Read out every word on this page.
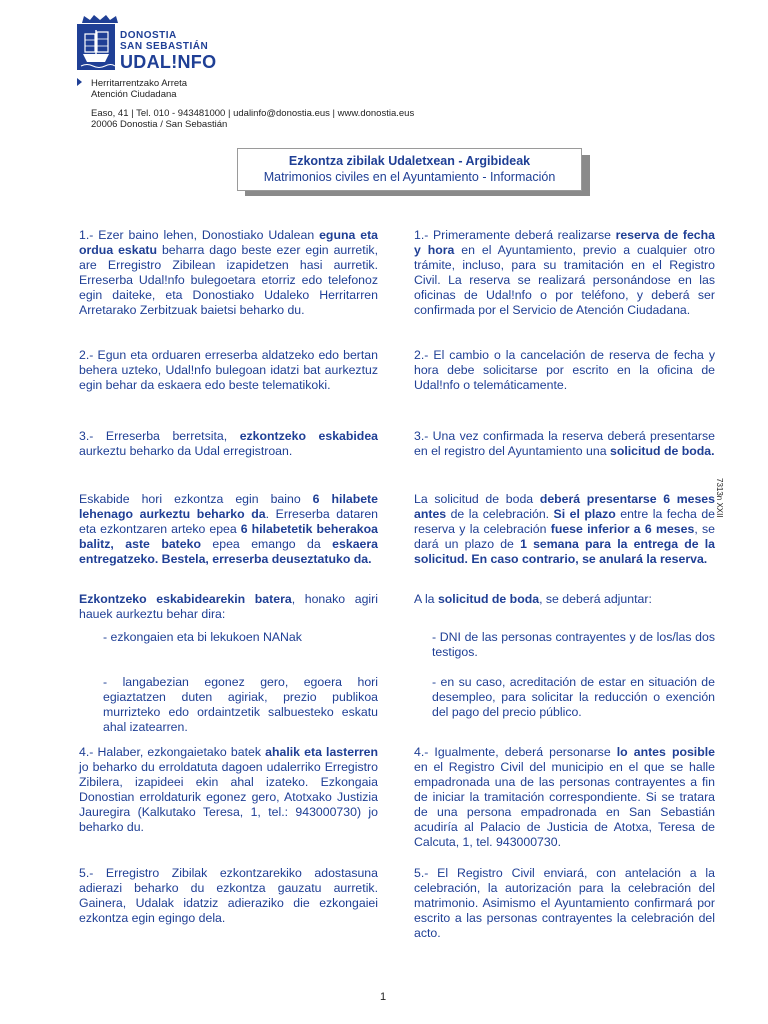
DONOSTIA
SAN SEBASTIÁN
UDAL!NFO
Herritarrentzako Arreta
Atención Ciudadana
Easo, 41 | Tel. 010 - 943481000 | udalinfo@donostia.eus | www.donostia.eus
20006 Donostia / San Sebastián
Ezkontza zibilak Udaletxean - Argibideak
Matrimonios civiles en el Ayuntamiento - Información
1.- Ezer baino lehen, Donostiako Udalean eguna eta ordua eskatu beharra dago beste ezer egin aurretik, are Erregistro Zibilean izapidetzen hasi aurretik. Erreserba Udal!nfo bulegoetara etorriz edo telefonoz egin daiteke, eta Donostiako Udaleko Herritarren Arretarako Zerbitzuak baietsi beharko du.
2.- Egun eta orduaren erreserba aldatzeko edo bertan behera uzteko, Udal!nfo bulegoan idatzi bat aurkeztuz egin behar da eskaera edo beste telematikoki.
3.- Erreserba berretsita, ezkontzeko eskabidea aurkeztu beharko da Udal erregistroan.
Eskabide hori ezkontza egin baino 6 hilabete lehenago aurkeztu beharko da. Erreserba dataren eta ezkontzaren arteko epea 6 hilabetetik beherakoa balitz, aste bateko epea emango da eskaera entregatzeko. Bestela, erreserba deuseztatuko da.
Ezkontzeko eskabidearekin batera, honako agiri hauek aurkeztu behar dira:
- ezkongaien eta bi lekukoen NANak
- langabezian egonez gero, egoera hori egiaztatzen duten agiriak, prezio publikoa murrizteko edo ordaintzetik salbuesteko eskatu ahal izatearren.
4.- Halaber, ezkongaietako batek ahalik eta lasterren jo beharko du erroldatuta dagoen udalerriko Erregistro Zibilera, izapideei ekin ahal izateko. Ezkongaia Donostian erroldaturik egonez gero, Atotxako Justizia Jauregira (Kalkutako Teresa, 1, tel.: 943000730) jo beharko du.
5.- Erregistro Zibilak ezkontzarekiko adostasuna adierazi beharko du ezkontza gauzatu aurretik. Gainera, Udalak idatziz adieraziko die ezkongaiei ezkontza egin egingo dela.
1.- Primeramente deberá realizarse reserva de fecha y hora en el Ayuntamiento, previo a cualquier otro trámite, incluso, para su tramitación en el Registro Civil. La reserva se realizará personándose en las oficinas de Udal!nfo o por teléfono, y deberá ser confirmada por el Servicio de Atención Ciudadana.
2.- El cambio o la cancelación de reserva de fecha y hora debe solicitarse por escrito en la oficina de Udal!nfo o telemáticamente.
3.- Una vez confirmada la reserva deberá presentarse en el registro del Ayuntamiento una solicitud de boda.
La solicitud de boda deberá presentarse 6 meses antes de la celebración. Si el plazo entre la fecha de reserva y la celebración fuese inferior a 6 meses, se dará un plazo de 1 semana para la entrega de la solicitud. En caso contrario, se anulará la reserva.
A la solicitud de boda, se deberá adjuntar:
- DNI de las personas contrayentes y de los/las dos testigos.
- en su caso, acreditación de estar en situación de desempleo, para solicitar la reducción o exención del pago del precio público.
4.- Igualmente, deberá personarse lo antes posible en el Registro Civil del municipio en el que se halle empadronada una de las personas contrayentes a fin de iniciar la tramitación correspondiente. Si se tratara de una persona empadronada en San Sebastián acudiría al Palacio de Justicia de Atotxa, Teresa de Calcuta, 1, tel. 943000730.
5.- El Registro Civil enviará, con antelación a la celebración, la autorización para la celebración del matrimonio. Asimismo el Ayuntamiento confirmará por escrito a las personas contrayentes la celebración del acto.
7313n XXII
1
